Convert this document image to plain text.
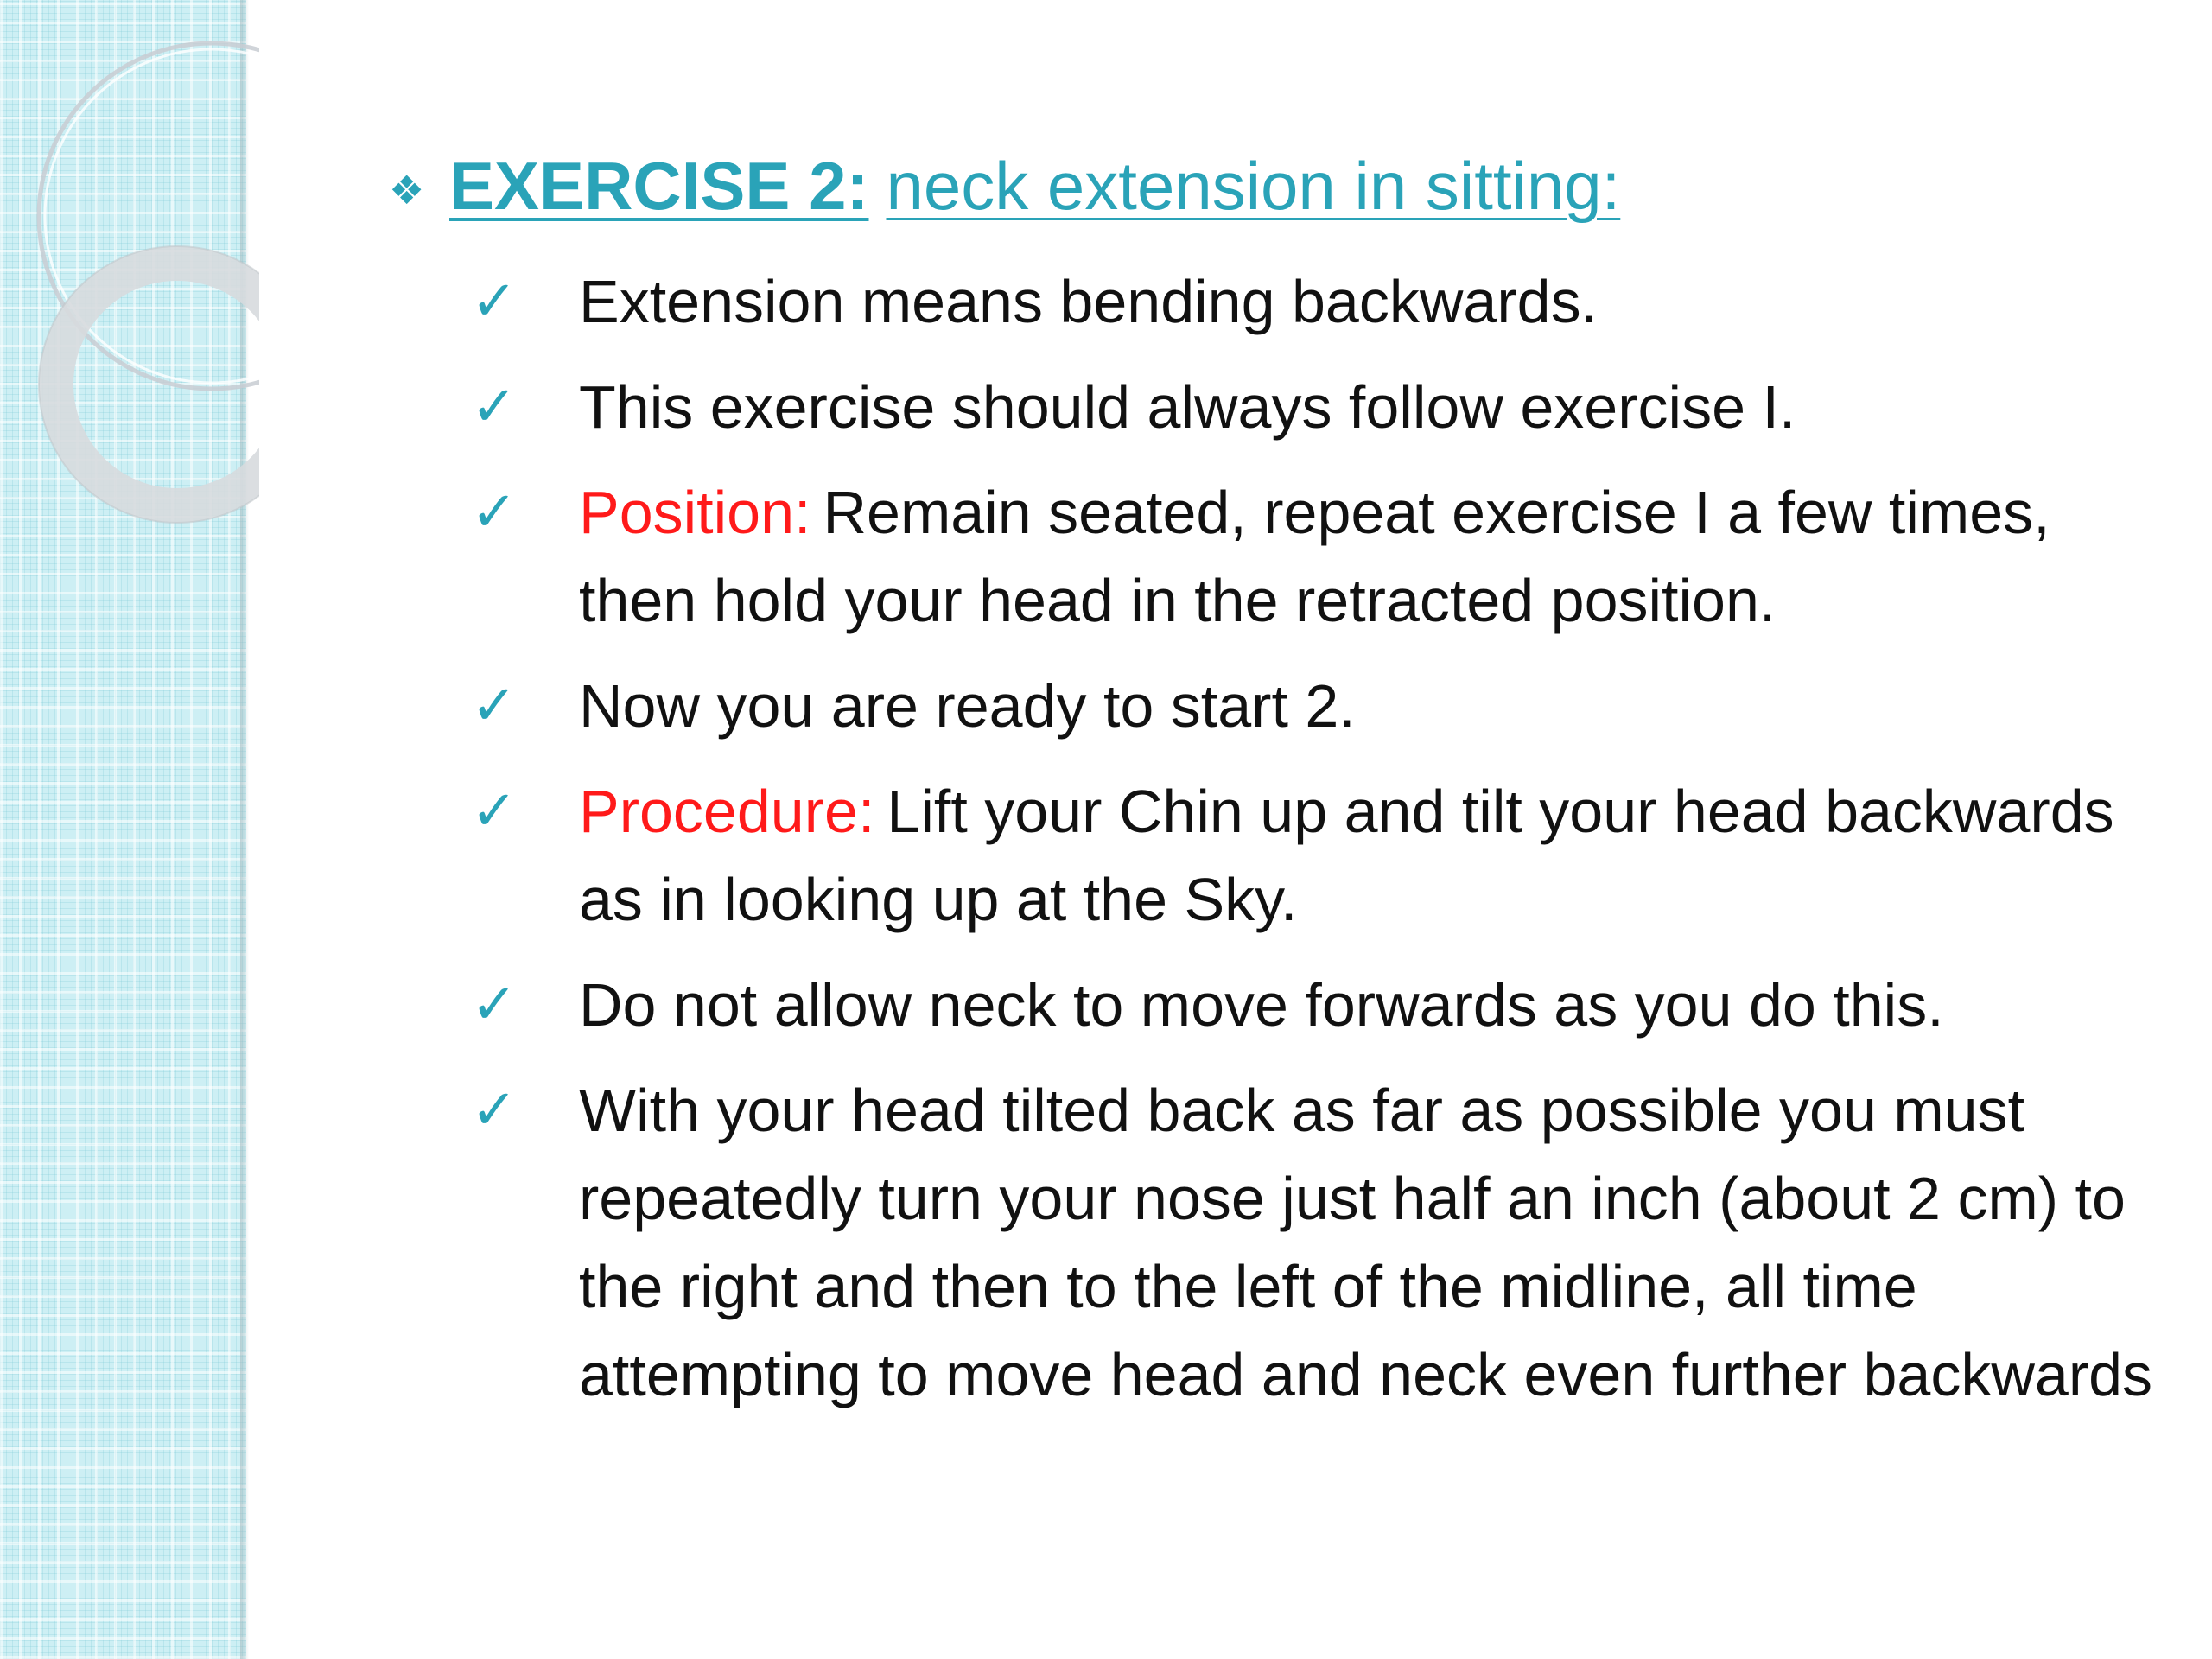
❖ EXERCISE 2: neck extension in sitting:
✓	Extension means bending backwards.
✓	This exercise should always follow exercise I.
✓	Position: Remain seated, repeat exercise I a few times, then hold your head in the retracted position.
✓	Now you are ready to start 2.
✓	Procedure: Lift your Chin up and tilt your head backwards as in looking up at the Sky.
✓	Do not allow neck to move forwards as you do this.
✓	With your head tilted back as far as possible you must repeatedly turn your nose just half an inch (about 2 cm) to the right and then to the left of the midline, all time attempting to move head and neck even further backwards
